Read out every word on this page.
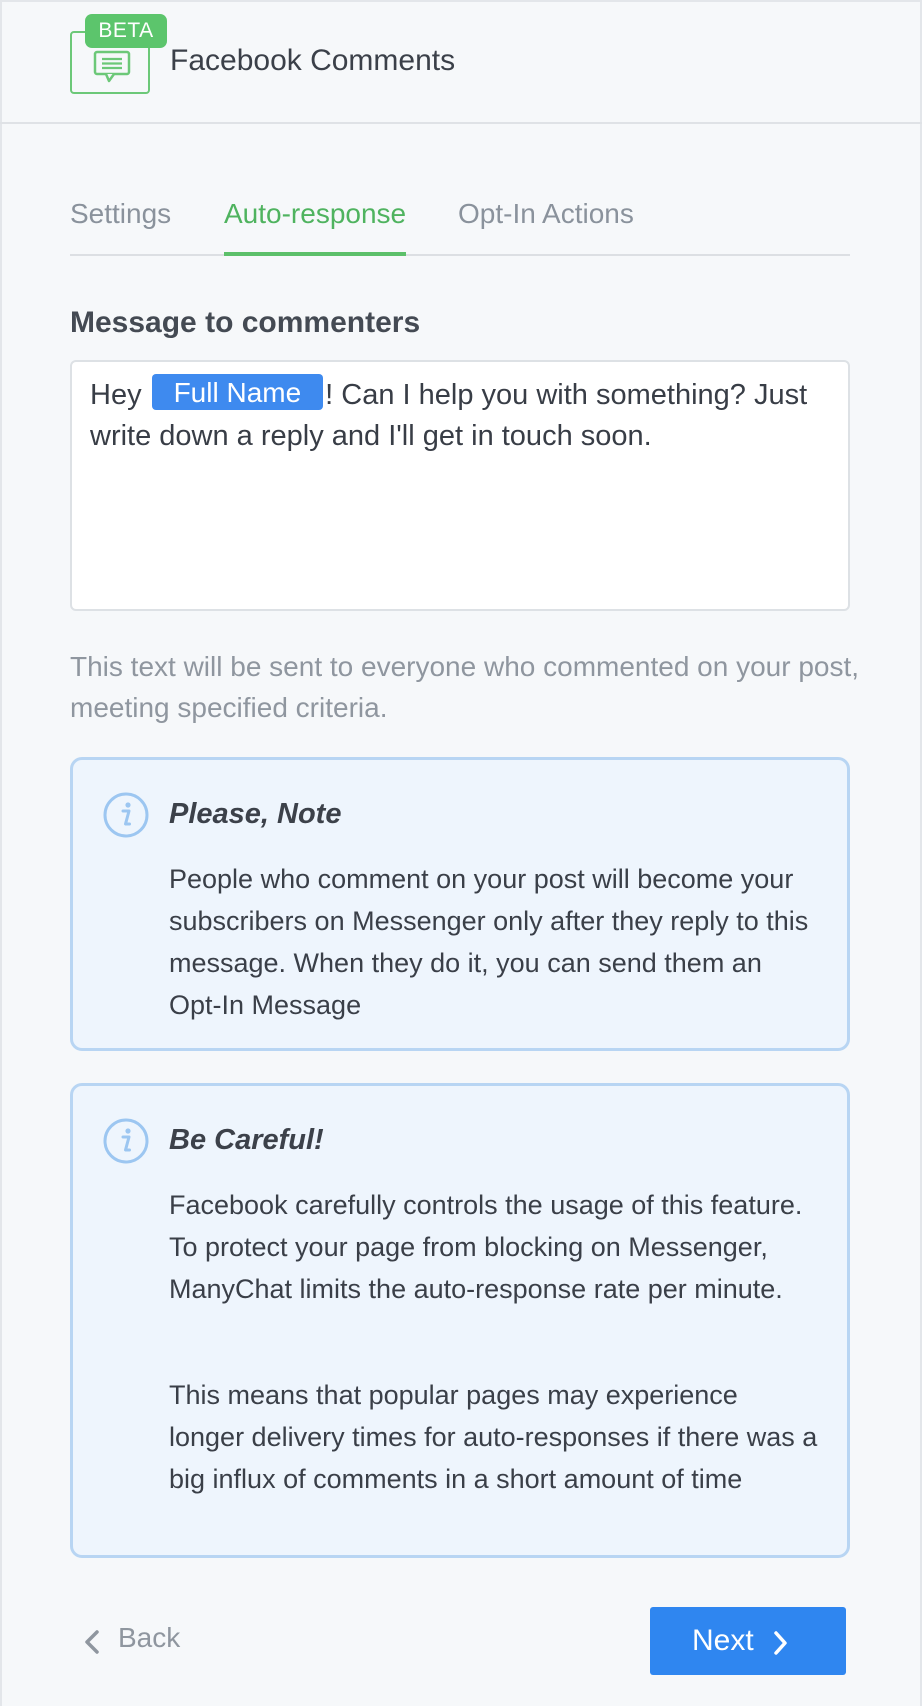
BETA
Facebook Comments
Settings Auto-response Opt-In Actions
Message to commenters
Hey Full Name ! Can I help you with something? Just write down a reply and I'll get in touch soon.
This text will be sent to everyone who commented on your post, meeting specified criteria.
Please, Note
People who comment on your post will become your subscribers on Messenger only after they reply to this message. When they do it, you can send them an Opt-In Message
Be Careful!
Facebook carefully controls the usage of this feature. To protect your page from blocking on Messenger, ManyChat limits the auto-response rate per minute.
This means that popular pages may experience longer delivery times for auto-responses if there was a big influx of comments in a short amount of time
Back	Next
